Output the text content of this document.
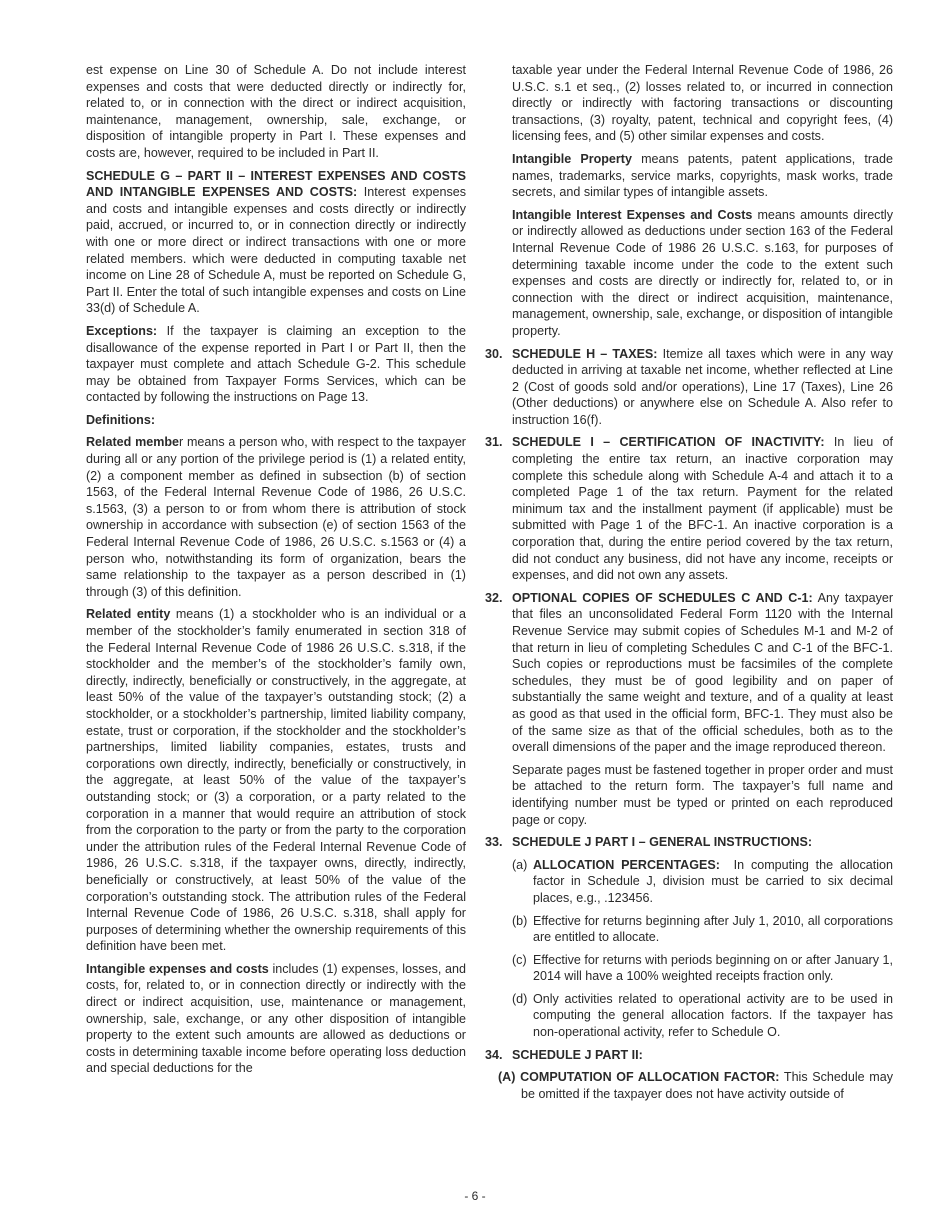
est expense on Line 30 of Schedule A. Do not include interest expenses and costs that were deducted directly or indirectly for, related to, or in connection with the direct or indirect acquisition, maintenance, management, ownership, sale, exchange, or disposition of intangible property in Part I. These expenses and costs are, however, required to be included in Part II.

SCHEDULE G – PART II – INTEREST EXPENSES AND COSTS AND INTANGIBLE EXPENSES AND COSTS: Interest expenses and costs and intangible expenses and costs directly or indirectly paid, accrued, or incurred to, or in connection directly or indirectly with one or more direct or indirect transactions with one or more related members. which were deducted in computing taxable net income on Line 28 of Schedule A, must be reported on Schedule G, Part II. Enter the total of such intangible expenses and costs on Line 33(d) of Schedule A.

Exceptions: If the taxpayer is claiming an exception to the disallowance of the expense reported in Part I or Part II, then the taxpayer must complete and attach Schedule G-2. This schedule may be obtained from Taxpayer Forms Services, which can be contacted by following the instructions on Page 13.

Definitions:

Related member means a person who, with respect to the taxpayer during all or any portion of the privilege period is (1) a related entity, (2) a component member as defined in subsection (b) of section 1563, of the Federal Internal Revenue Code of 1986, 26 U.S.C. s.1563, (3) a person to or from whom there is attribution of stock ownership in accordance with subsection (e) of section 1563 of the Federal Internal Revenue Code of 1986, 26 U.S.C. s.1563 or (4) a person who, notwithstanding its form of organization, bears the same relationship to the taxpayer as a person described in (1) through (3) of this definition.

Related entity means (1) a stockholder who is an individual or a member of the stockholder’s family enumerated in section 318 of the Federal Internal Revenue Code of 1986 26 U.S.C. s.318, if the stockholder and the member’s of the stockholder’s family own, directly, indirectly, beneficially or constructively, in the aggregate, at least 50% of the value of the taxpayer’s outstanding stock; (2) a stockholder, or a stockholder’s partnership, limited liability company, estate, trust or corporation, if the stockholder and the stockholder’s partnerships, limited liability companies, estates, trusts and corporations own directly, indirectly, beneficially or constructively, in the aggregate, at least 50% of the value of the taxpayer’s outstanding stock; or (3) a corporation, or a party related to the corporation in a manner that would require an attribution of stock from the corporation to the party or from the party to the corporation under the attribution rules of the Federal Internal Revenue Code of 1986, 26 U.S.C. s.318, if the taxpayer owns, directly, indirectly, beneficially or constructively, at least 50% of the value of the corporation’s outstanding stock. The attribution rules of the Federal Internal Revenue Code of 1986, 26 U.S.C. s.318, shall apply for purposes of determining whether the ownership requirements of this definition have been met.

Intangible expenses and costs includes (1) expenses, losses, and costs, for, related to, or in connection directly or indirectly with the direct or indirect acquisition, use, maintenance or management, ownership, sale, exchange, or any other disposition of intangible property to the extent such amounts are allowed as deductions or costs in determining taxable income before operating loss deduction and special deductions for the

taxable year under the Federal Internal Revenue Code of 1986, 26 U.S.C. s.1 et seq., (2) losses related to, or incurred in connection directly or indirectly with factoring transactions or discounting transactions, (3) royalty, patent, technical and copyright fees, (4) licensing fees, and (5) other similar expenses and costs.

Intangible Property means patents, patent applications, trade names, trademarks, service marks, copyrights, mask works, trade secrets, and similar types of intangible assets.

Intangible Interest Expenses and Costs means amounts directly or indirectly allowed as deductions under section 163 of the Federal Internal Revenue Code of 1986 26 U.S.C. s.163, for purposes of determining taxable income under the code to the extent such expenses and costs are directly or indirectly for, related to, or in connection with the direct or indirect acquisition, maintenance, management, ownership, sale, exchange, or disposition of intangible property.

30. SCHEDULE H – TAXES: Itemize all taxes which were in any way deducted in arriving at taxable net income, whether reflected at Line 2 (Cost of goods sold and/or operations), Line 17 (Taxes), Line 26 (Other deductions) or anywhere else on Schedule A. Also refer to instruction 16(f).
31. SCHEDULE I – CERTIFICATION OF INACTIVITY: In lieu of completing the entire tax return, an inactive corporation may complete this schedule along with Schedule A-4 and attach it to a completed Page 1 of the tax return. Payment for the related minimum tax and the installment payment (if applicable) must be submitted with Page 1 of the BFC-1. An inactive corporation is a corporation that, during the entire period covered by the tax return, did not conduct any business, did not have any income, receipts or expenses, and did not own any assets.
32. OPTIONAL COPIES OF SCHEDULES C AND C-1: Any taxpayer that files an unconsolidated Federal Form 1120 with the Internal Revenue Service may submit copies of Schedules M-1 and M-2 of that return in lieu of completing Schedules C and C-1 of the BFC-1. Such copies or reproductions must be facsimiles of the complete schedules, they must be of good legibility and on paper of substantially the same weight and texture, and of a quality at least as good as that used in the official form, BFC-1. They must also be of the same size as that of the official schedules, both as to the overall dimensions of the paper and the image reproduced thereon.

Separate pages must be fastened together in proper order and must be attached to the return form. The taxpayer’s full name and identifying number must be typed or printed on each reproduced page or copy.

33. SCHEDULE J PART I – GENERAL INSTRUCTIONS:
(a) ALLOCATION PERCENTAGES: In computing the allocation factor in Schedule J, division must be carried to six decimal places, e.g., .123456.
(b) Effective for returns beginning after July 1, 2010, all corporations are entitled to allocate.
(c) Effective for returns with periods beginning on or after January 1, 2014 will have a 100% weighted receipts fraction only.
(d) Only activities related to operational activity are to be used in computing the general allocation factors. If the taxpayer has non-operational activity, refer to Schedule O.
34. SCHEDULE J PART II:
(A) COMPUTATION OF ALLOCATION FACTOR: This Schedule may be omitted if the taxpayer does not have activity outside of
- 6 -
